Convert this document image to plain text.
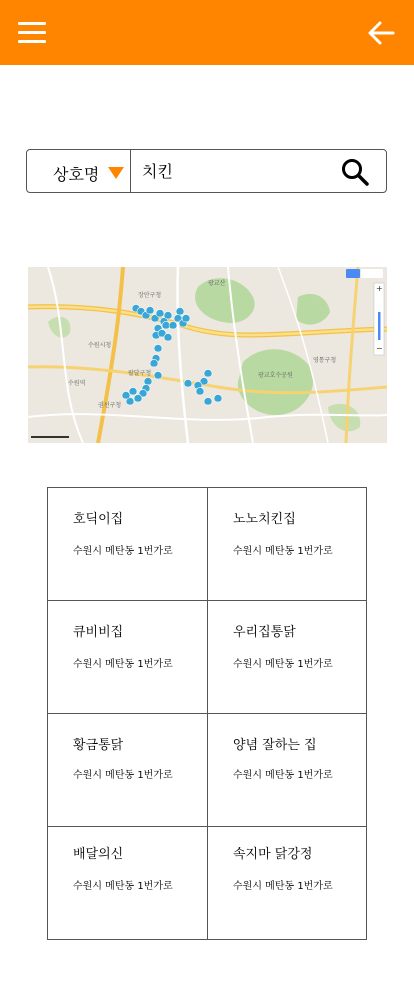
상호명
치킨
수원시청
팔달구청
장안구청
권선구청
영통구청
수원역
광교산
광교호수공원
+
−
호딕이집
수원시 메탄동 1번가로
노노치킨집
수원시 메탄동 1번가로
큐비비집
수원시 메탄동 1번가로
우리집통닭
수원시 메탄동 1번가로
황금통닭
수원시 메탄동 1번가로
양념 잘하는 집
수원시 메탄동 1번가로
배달의신
수원시 메탄동 1번가로
속지마 닭강정
수원시 메탄동 1번가로
